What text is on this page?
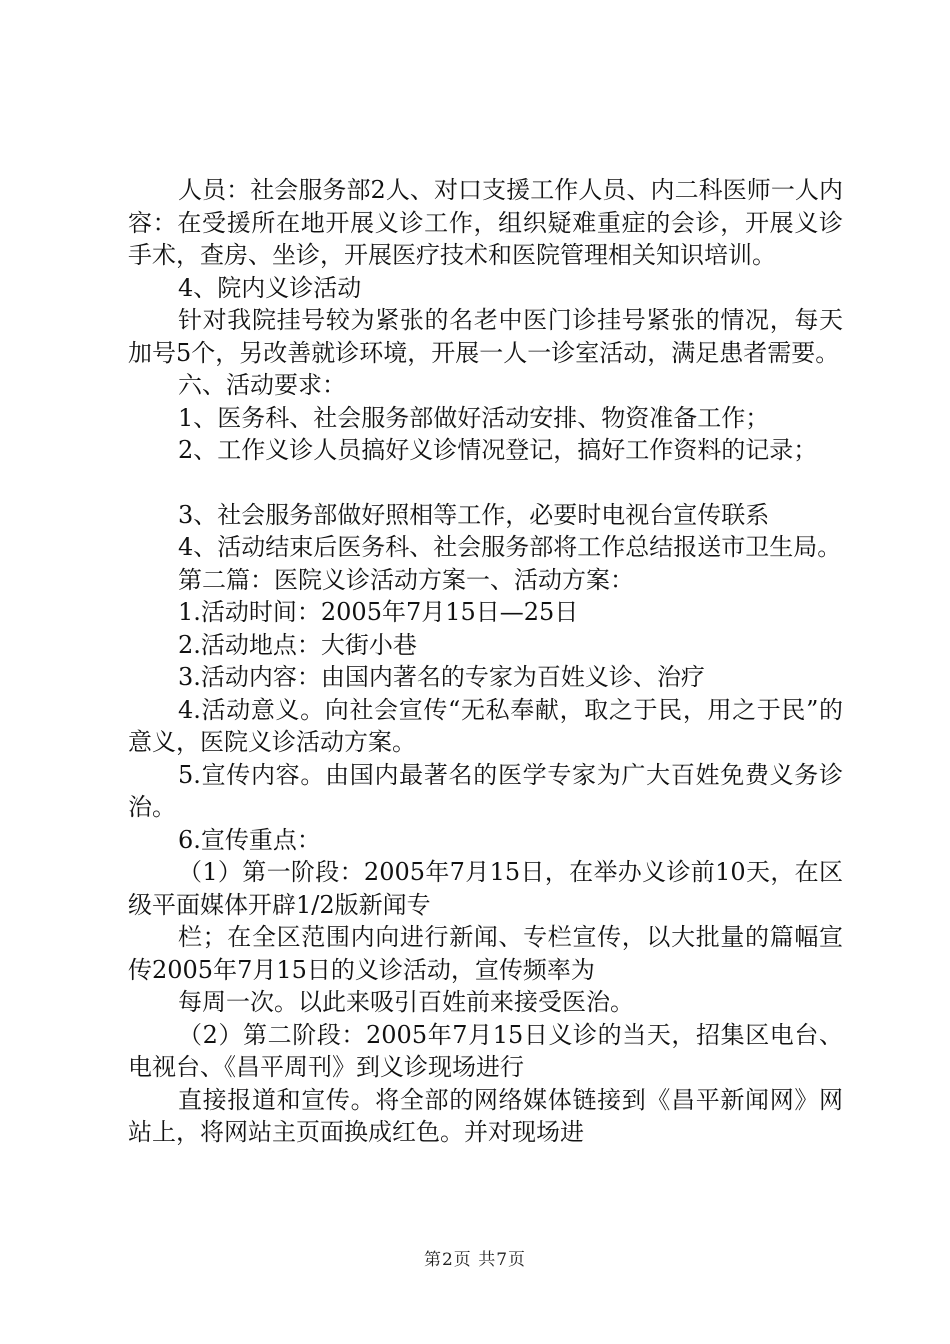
人员：社会服务部2人、对口支援工作人员、内二科医师一人内容：在受援所在地开展义诊工作，组织疑难重症的会诊，开展义诊手术，查房、坐诊，开展医疗技术和医院管理相关知识培训。

4、院内义诊活动

针对我院挂号较为紧张的名老中医门诊挂号紧张的情况，每天加号5个，另改善就诊环境，开展一人一诊室活动，满足患者需要。

六、活动要求：

1、医务科、社会服务部做好活动安排、物资准备工作；

2、工作义诊人员搞好义诊情况登记，搞好工作资料的记录；

3、社会服务部做好照相等工作，必要时电视台宣传联系

4、活动结束后医务科、社会服务部将工作总结报送市卫生局。

第二篇：医院义诊活动方案一、活动方案：

1.活动时间：2005年7月15日—25日

2.活动地点：大街小巷

3.活动内容：由国内著名的专家为百姓义诊、治疗

4.活动意义。向社会宣传“无私奉献，取之于民，用之于民”的意义，医院义诊活动方案。

5.宣传内容。由国内最著名的医学专家为广大百姓免费义务诊治。

6.宣传重点：

（1）第一阶段：2005年7月15日，在举办义诊前10天，在区级平面媒体开辟1/2版新闻专

栏；在全区范围内向进行新闻、专栏宣传，以大批量的篇幅宣传2005年7月15日的义诊活动，宣传频率为

每周一次。以此来吸引百姓前来接受医治。

（2）第二阶段：2005年7月15日义诊的当天，招集区电台、电视台、《昌平周刊》到义诊现场进行

直接报道和宣传。将全部的网络媒体链接到《昌平新闻网》网站上，将网站主页面换成红色。并对现场进

第2页 共7页
